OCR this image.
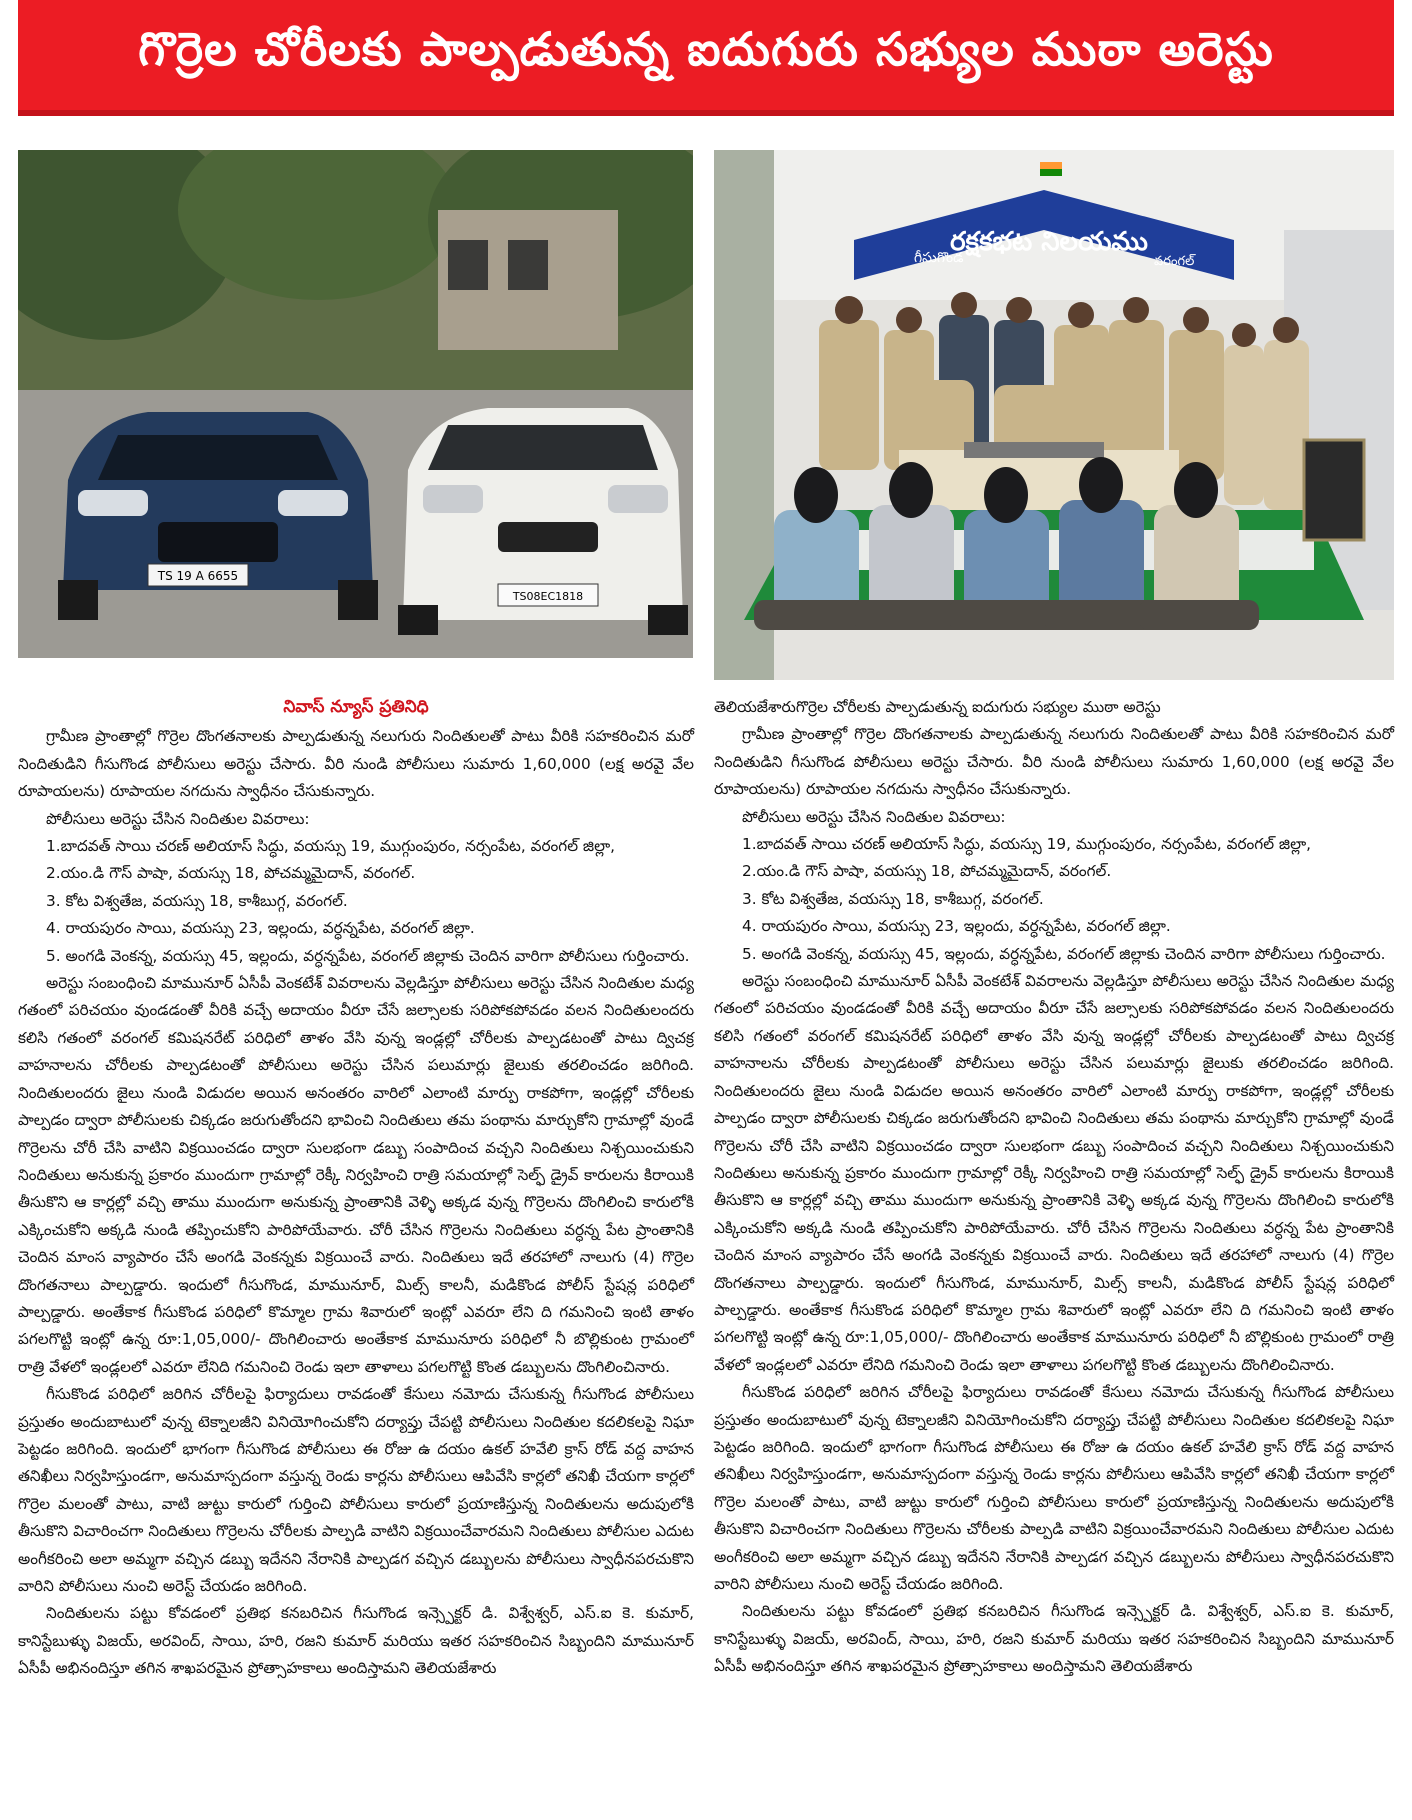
గొర్రెల చోరీలకు పాల్పడుతున్న ఐదుగురు సభ్యుల ముఠా అరెస్టు
TS 19 A 6655
TS08EC1818
గీసుగొండ
రక్షకభట నిలయము
వరంగల్
నివాస్ న్యూస్ ప్రతినిధి

గ్రామీణ ప్రాంతాల్లో గొర్రెల దొంగతనాలకు పాల్పడుతున్న నలుగురు నిందితులతో పాటు వీరికి సహకరించిన మరో నిందితుడిని గీసుగొండ పోలీసులు అరెస్టు చేసారు. వీరి నుండి పోలీసులు సుమారు 1,60,000 (లక్ష అరవై వేల రూపాయలను) రూపాయల నగదును స్వాధీనం చేసుకున్నారు.

పోలీసులు అరెస్టు చేసిన నిందితుల వివరాలు:

1.బాదవత్ సాయి చరణ్ అలియాస్ సిద్ధు, వయస్సు 19, ముగ్గుంపురం, నర్సంపేట, వరంగల్ జిల్లా,

2.యం.డి గౌస్ పాషా, వయస్సు 18, పోచమ్మమైదాన్, వరంగల్.

3. కోట విశ్వతేజ, వయస్సు 18, కాశీబుగ్గ, వరంగల్.

4. రాయపురం సాయి, వయస్సు 23, ఇల్లందు, వర్ధన్నపేట, వరంగల్ జిల్లా.

5. అంగడి వెంకన్న, వయస్సు 45, ఇల్లందు, వర్ధన్నపేట, వరంగల్ జిల్లాకు చెందిన వారిగా పోలీసులు గుర్తించారు.

అరెస్టు సంబంధించి మామునూర్ ఏసీపీ వెంకటేశ్ వివరాలను వెల్లడిస్తూ పోలీసులు అరెస్టు చేసిన నిందితుల మధ్య గతంలో పరిచయం వుండడంతో వీరికి వచ్చే అదాయం వీరూ చేసే జల్సాలకు సరిపోకపోవడం వలన నిందితులందరు కలిసి గతంలో వరంగల్ కమిషనరేట్ పరిధిలో తాళం వేసి వున్న ఇండ్లల్లో చోరీలకు పాల్పడటంతో పాటు ద్విచక్ర వాహనాలను చోరీలకు పాల్పడటంతో పోలీసులు అరెస్టు చేసిన పలుమార్లు జైలుకు తరలించడం జరిగింది. నిందితులందరు జైలు నుండి విడుదల అయిన అనంతరం వారిలో ఎలాంటి మార్పు రాకపోగా, ఇండ్లల్లో చోరీలకు పాల్పడం ద్వారా పోలీసులకు చిక్కడం జరుగుతోందని భావించి నిందితులు తమ పంథాను మార్చుకోని గ్రామాల్లో వుండే గొర్రెలను చోరీ చేసి వాటిని విక్రయించడం ద్వారా సులభంగా డబ్బు సంపాదించ వచ్చని నిందితులు నిశ్చయించుకుని నిందితులు అనుకున్న ప్రకారం ముందుగా గ్రామాల్లో రెక్కీ నిర్వహించి రాత్రి సమయాల్లో సెల్ఫ్ డ్రైవ్ కారులను కిరాయికి తీసుకొని ఆ కార్లల్లో వచ్చి తాము ముందుగా అనుకున్న ప్రాంతానికి వెళ్ళి అక్కడ వున్న గొర్రెలను దొంగిలించి కారులోకి ఎక్కించుకోని అక్కడి నుండి తప్పించుకోని పారిపోయేవారు. చోరీ చేసిన గొర్రెలను నిందితులు వర్ధన్న పేట ప్రాంతానికి చెందిన మాంస వ్యాపారం చేసే అంగడి వెంకన్నకు విక్రయించే వారు. నిందితులు ఇదే తరహాలో నాలుగు (4) గొర్రెల దొంగతనాలు పాల్పడ్డారు. ఇందులో గీసుగొండ, మామునూర్, మిల్స్ కాలనీ, మడికొండ పోలీస్ స్టేషన్ల పరిధిలో పాల్పడ్డారు. అంతేకాక గీసుకొండ పరిధిలో కొమ్మాల గ్రామ శివారులో ఇంట్లో ఎవరూ లేని ది గమనించి ఇంటి తాళం పగలగొట్టి ఇంట్లో ఉన్న రూ:1,05,000/- దొంగిలించారు అంతేకాక మామునూరు పరిధిలో నీ బొల్లికుంట గ్రామంలో రాత్రి వేళలో ఇండ్లలలో ఎవరూ లేనిది గమనించి రెండు ఇలా తాళాలు పగలగొట్టి కొంత డబ్బులను దొంగిలించినారు.

గీసుకొండ పరిధిలో జరిగిన చోరీలపై ఫిర్యాదులు రావడంతో కేసులు నమోదు చేసుకున్న గీసుగొండ పోలీసులు ప్రస్తుతం అందుబాటులో వున్న టెక్నాలజీని వినియోగించుకోని దర్యాప్తు చేపట్టి పోలీసులు నిందితుల కదలికలపై నిఘా పెట్టడం జరిగింది. ఇందులో భాగంగా గీసుగొండ పోలీసులు ఈ రోజు ఉ దయం ఉకల్ హవేలి క్రాస్ రోడ్ వద్ద వాహన తనిఖీలు నిర్వహిస్తుండగా, అనుమాస్పదంగా వస్తున్న రెండు కార్లను పోలీసులు ఆపివేసి కార్లలో తనిఖీ చేయగా కార్లలో గొర్రెల మలంతో పాటు, వాటి జుట్టు కారులో గుర్తించి పోలీసులు కారులో ప్రయాణిస్తున్న నిందితులను అదుపులోకి తీసుకొని విచారించగా నిందితులు గొర్రెలను చోరీలకు పాల్పడి వాటిని విక్రయించేవారమని నిందితులు పోలీసుల ఎదుట అంగీకరించి అలా అమ్మగా వచ్చిన డబ్బు ఇదేనని నేరానికి పాల్పడగ వచ్చిన డబ్బులను పోలీసులు స్వాధీనపరచుకొని వారిని పోలీసులు నుంచి అరెస్ట్ చేయడం జరిగింది.

నిందితులను పట్టు కోవడంలో ప్రతిభ కనబరిచిన గీసుగొండ ఇన్స్పెక్టర్ డి. విశ్వేశ్వర్, ఎస్.ఐ కె. కుమార్, కానిస్టేబుళ్ళు విజయ్, అరవింద్, సాయి, హరి, రజని కుమార్ మరియు ఇతర సహకరించిన సిబ్బందిని మామునూర్ ఏసీపీ అభినందిస్తూ తగిన శాఖపరమైన ప్రోత్సాహకాలు అందిస్తామని తెలియజేశారు

తెలియజేశారుగొర్రెల చోరీలకు పాల్పడుతున్న ఐదుగురు సభ్యుల ముఠా అరెస్టు

గ్రామీణ ప్రాంతాల్లో గొర్రెల దొంగతనాలకు పాల్పడుతున్న నలుగురు నిందితులతో పాటు వీరికి సహకరించిన మరో నిందితుడిని గీసుగొండ పోలీసులు అరెస్టు చేసారు. వీరి నుండి పోలీసులు సుమారు 1,60,000 (లక్ష అరవై వేల రూపాయలను) రూపాయల నగదును స్వాధీనం చేసుకున్నారు.

పోలీసులు అరెస్టు చేసిన నిందితుల వివరాలు:

1.బాదవత్ సాయి చరణ్ అలియాస్ సిద్ధు, వయస్సు 19, ముగ్గుంపురం, నర్సంపేట, వరంగల్ జిల్లా,

2.యం.డి గౌస్ పాషా, వయస్సు 18, పోచమ్మమైదాన్, వరంగల్.

3. కోట విశ్వతేజ, వయస్సు 18, కాశీబుగ్గ, వరంగల్.

4. రాయపురం సాయి, వయస్సు 23, ఇల్లందు, వర్ధన్నపేట, వరంగల్ జిల్లా.

5. అంగడి వెంకన్న, వయస్సు 45, ఇల్లందు, వర్ధన్నపేట, వరంగల్ జిల్లాకు చెందిన వారిగా పోలీసులు గుర్తించారు.

అరెస్టు సంబంధించి మామునూర్ ఏసీపీ వెంకటేశ్ వివరాలను వెల్లడిస్తూ పోలీసులు అరెస్టు చేసిన నిందితుల మధ్య గతంలో పరిచయం వుండడంతో వీరికి వచ్చే అదాయం వీరూ చేసే జల్సాలకు సరిపోకపోవడం వలన నిందితులందరు కలిసి గతంలో వరంగల్ కమిషనరేట్ పరిధిలో తాళం వేసి వున్న ఇండ్లల్లో చోరీలకు పాల్పడటంతో పాటు ద్విచక్ర వాహనాలను చోరీలకు పాల్పడటంతో పోలీసులు అరెస్టు చేసిన పలుమార్లు జైలుకు తరలించడం జరిగింది. నిందితులందరు జైలు నుండి విడుదల అయిన అనంతరం వారిలో ఎలాంటి మార్పు రాకపోగా, ఇండ్లల్లో చోరీలకు పాల్పడం ద్వారా పోలీసులకు చిక్కడం జరుగుతోందని భావించి నిందితులు తమ పంథాను మార్చుకోని గ్రామాల్లో వుండే గొర్రెలను చోరీ చేసి వాటిని విక్రయించడం ద్వారా సులభంగా డబ్బు సంపాదించ వచ్చని నిందితులు నిశ్చయించుకుని నిందితులు అనుకున్న ప్రకారం ముందుగా గ్రామాల్లో రెక్కీ నిర్వహించి రాత్రి సమయాల్లో సెల్ఫ్ డ్రైవ్ కారులను కిరాయికి తీసుకొని ఆ కార్లల్లో వచ్చి తాము ముందుగా అనుకున్న ప్రాంతానికి వెళ్ళి అక్కడ వున్న గొర్రెలను దొంగిలించి కారులోకి ఎక్కించుకోని అక్కడి నుండి తప్పించుకోని పారిపోయేవారు. చోరీ చేసిన గొర్రెలను నిందితులు వర్ధన్న పేట ప్రాంతానికి చెందిన మాంస వ్యాపారం చేసే అంగడి వెంకన్నకు విక్రయించే వారు. నిందితులు ఇదే తరహాలో నాలుగు (4) గొర్రెల దొంగతనాలు పాల్పడ్డారు. ఇందులో గీసుగొండ, మామునూర్, మిల్స్ కాలనీ, మడికొండ పోలీస్ స్టేషన్ల పరిధిలో పాల్పడ్డారు. అంతేకాక గీసుకొండ పరిధిలో కొమ్మాల గ్రామ శివారులో ఇంట్లో ఎవరూ లేని ది గమనించి ఇంటి తాళం పగలగొట్టి ఇంట్లో ఉన్న రూ:1,05,000/- దొంగిలించారు అంతేకాక మామునూరు పరిధిలో నీ బొల్లికుంట గ్రామంలో రాత్రి వేళలో ఇండ్లలలో ఎవరూ లేనిది గమనించి రెండు ఇలా తాళాలు పగలగొట్టి కొంత డబ్బులను దొంగిలించినారు.

గీసుకొండ పరిధిలో జరిగిన చోరీలపై ఫిర్యాదులు రావడంతో కేసులు నమోదు చేసుకున్న గీసుగొండ పోలీసులు ప్రస్తుతం అందుబాటులో వున్న టెక్నాలజీని వినియోగించుకోని దర్యాప్తు చేపట్టి పోలీసులు నిందితుల కదలికలపై నిఘా పెట్టడం జరిగింది. ఇందులో భాగంగా గీసుగొండ పోలీసులు ఈ రోజు ఉ దయం ఉకల్ హవేలి క్రాస్ రోడ్ వద్ద వాహన తనిఖీలు నిర్వహిస్తుండగా, అనుమాస్పదంగా వస్తున్న రెండు కార్లను పోలీసులు ఆపివేసి కార్లలో తనిఖీ చేయగా కార్లలో గొర్రెల మలంతో పాటు, వాటి జుట్టు కారులో గుర్తించి పోలీసులు కారులో ప్రయాణిస్తున్న నిందితులను అదుపులోకి తీసుకొని విచారించగా నిందితులు గొర్రెలను చోరీలకు పాల్పడి వాటిని విక్రయించేవారమని నిందితులు పోలీసుల ఎదుట అంగీకరించి అలా అమ్మగా వచ్చిన డబ్బు ఇదేనని నేరానికి పాల్పడగ వచ్చిన డబ్బులను పోలీసులు స్వాధీనపరచుకొని వారిని పోలీసులు నుంచి అరెస్ట్ చేయడం జరిగింది.

నిందితులను పట్టు కోవడంలో ప్రతిభ కనబరిచిన గీసుగొండ ఇన్స్పెక్టర్ డి. విశ్వేశ్వర్, ఎస్.ఐ కె. కుమార్, కానిస్టేబుళ్ళు విజయ్, అరవింద్, సాయి, హరి, రజని కుమార్ మరియు ఇతర సహకరించిన సిబ్బందిని మామునూర్ ఏసీపీ అభినందిస్తూ తగిన శాఖపరమైన ప్రోత్సాహకాలు అందిస్తామని తెలియజేశారు
